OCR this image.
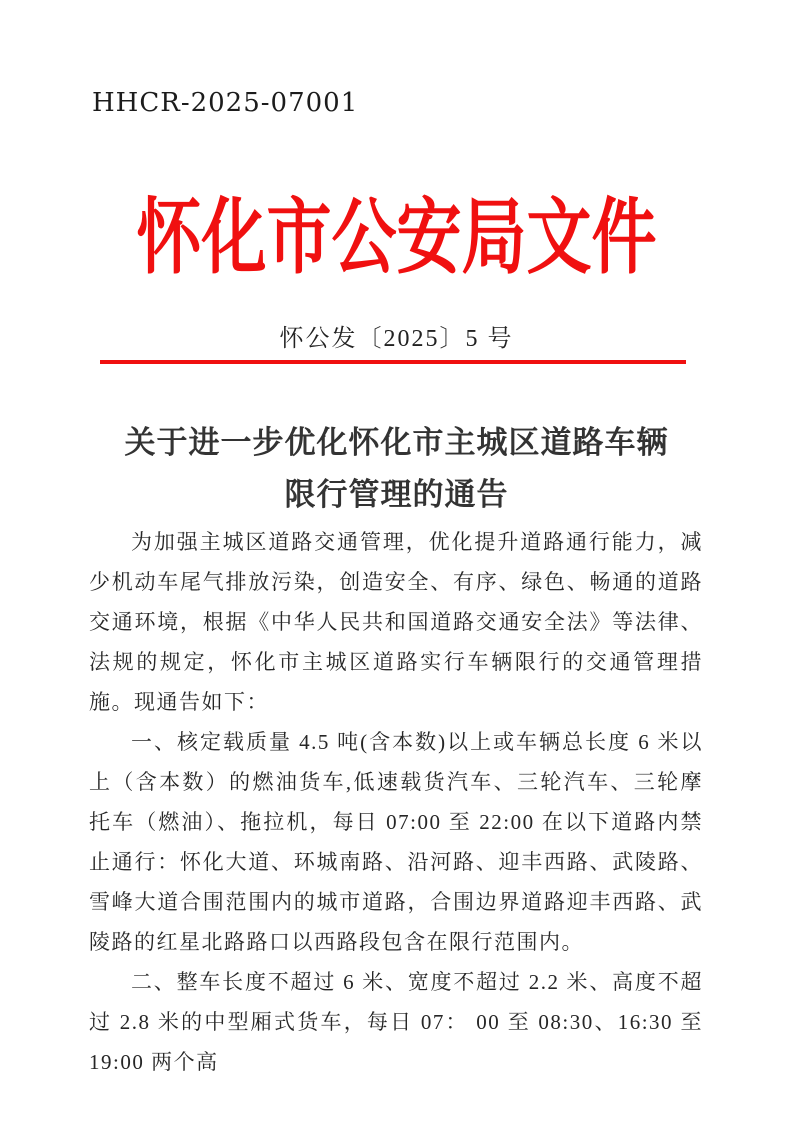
HHCR-2025-07001
怀化市公安局文件
怀公发〔2025〕5 号
关于进一步优化怀化市主城区道路车辆
限行管理的通告

为加强主城区道路交通管理，优化提升道路通行能力，减少机动车尾气排放污染，创造安全、有序、绿色、畅通的道路交通环境，根据《中华人民共和国道路交通安全法》等法律、法规的规定，怀化市主城区道路实行车辆限行的交通管理措施。现通告如下：

一、核定载质量 4.5 吨(含本数)以上或车辆总长度 6 米以上（含本数）的燃油货车,低速载货汽车、三轮汽车、三轮摩托车（燃油）、拖拉机，每日 07:00 至 22:00 在以下道路内禁止通行：怀化大道、环城南路、沿河路、迎丰西路、武陵路、雪峰大道合围范围内的城市道路，合围边界道路迎丰西路、武陵路的红星北路路口以西路段包含在限行范围内。

二、整车长度不超过 6 米、宽度不超过 2.2 米、高度不超过 2.8 米的中型厢式货车，每日 07： 00 至 08:30、16:30 至 19:00 两个高
